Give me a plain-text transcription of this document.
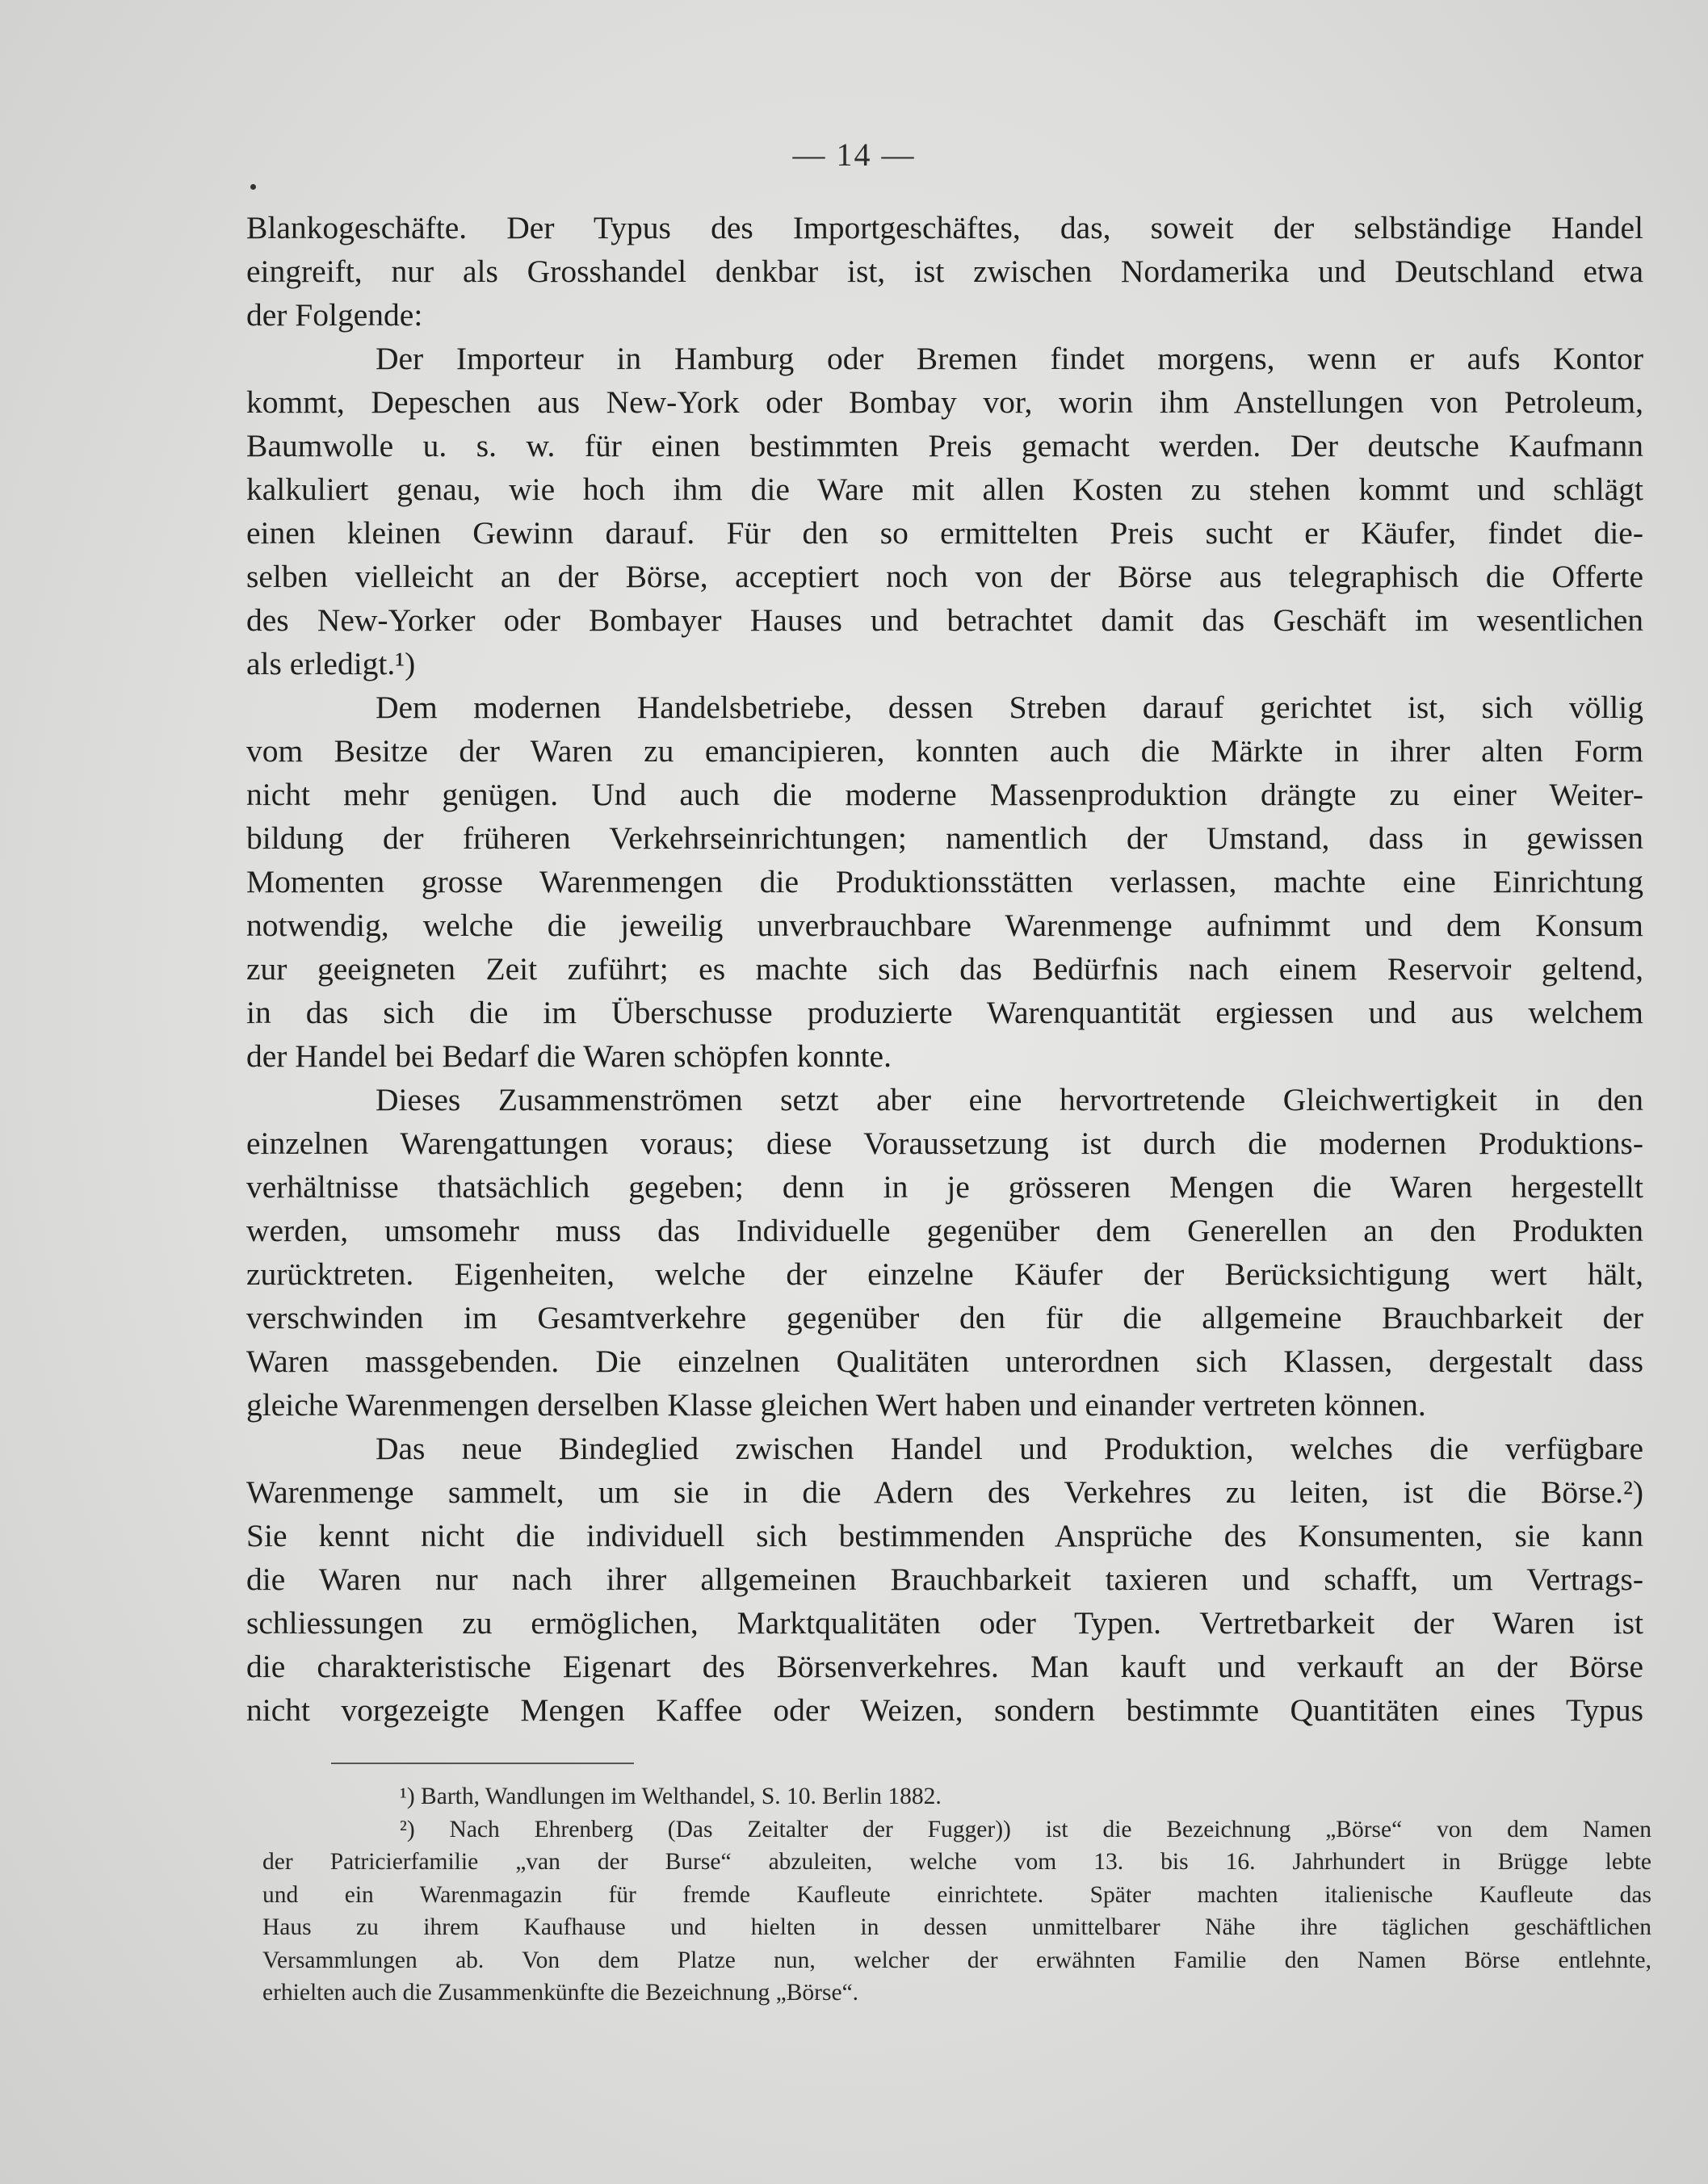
— 14 —
Blankogeschäfte. Der Typus des Importgeschäftes, das, soweit der selbständige Handel
eingreift, nur als Grosshandel denkbar ist, ist zwischen Nordamerika und Deutschland etwa
der Folgende:
Der Importeur in Hamburg oder Bremen findet morgens, wenn er aufs Kontor
kommt, Depeschen aus New-York oder Bombay vor, worin ihm Anstellungen von Petroleum,
Baumwolle u. s. w. für einen bestimmten Preis gemacht werden. Der deutsche Kaufmann
kalkuliert genau, wie hoch ihm die Ware mit allen Kosten zu stehen kommt und schlägt
einen kleinen Gewinn darauf. Für den so ermittelten Preis sucht er Käufer, findet die-
selben vielleicht an der Börse, acceptiert noch von der Börse aus telegraphisch die Offerte
des New-Yorker oder Bombayer Hauses und betrachtet damit das Geschäft im wesentlichen
als erledigt.¹)
Dem modernen Handelsbetriebe, dessen Streben darauf gerichtet ist, sich völlig
vom Besitze der Waren zu emancipieren, konnten auch die Märkte in ihrer alten Form
nicht mehr genügen. Und auch die moderne Massenproduktion drängte zu einer Weiter-
bildung der früheren Verkehrseinrichtungen; namentlich der Umstand, dass in gewissen
Momenten grosse Warenmengen die Produktionsstätten verlassen, machte eine Einrichtung
notwendig, welche die jeweilig unverbrauchbare Warenmenge aufnimmt und dem Konsum
zur geeigneten Zeit zuführt; es machte sich das Bedürfnis nach einem Reservoir geltend,
in das sich die im Überschusse produzierte Warenquantität ergiessen und aus welchem
der Handel bei Bedarf die Waren schöpfen konnte.
Dieses Zusammenströmen setzt aber eine hervortretende Gleichwertigkeit in den
einzelnen Warengattungen voraus; diese Voraussetzung ist durch die modernen Produktions-
verhältnisse thatsächlich gegeben; denn in je grösseren Mengen die Waren hergestellt
werden, umsomehr muss das Individuelle gegenüber dem Generellen an den Produkten
zurücktreten. Eigenheiten, welche der einzelne Käufer der Berücksichtigung wert hält,
verschwinden im Gesamtverkehre gegenüber den für die allgemeine Brauchbarkeit der
Waren massgebenden. Die einzelnen Qualitäten unterordnen sich Klassen, dergestalt dass
gleiche Warenmengen derselben Klasse gleichen Wert haben und einander vertreten können.
Das neue Bindeglied zwischen Handel und Produktion, welches die verfügbare
Warenmenge sammelt, um sie in die Adern des Verkehres zu leiten, ist die Börse.²)
Sie kennt nicht die individuell sich bestimmenden Ansprüche des Konsumenten, sie kann
die Waren nur nach ihrer allgemeinen Brauchbarkeit taxieren und schafft, um Vertrags-
schliessungen zu ermöglichen, Marktqualitäten oder Typen. Vertretbarkeit der Waren ist
die charakteristische Eigenart des Börsenverkehres. Man kauft und verkauft an der Börse
nicht vorgezeigte Mengen Kaffee oder Weizen, sondern bestimmte Quantitäten eines Typus
¹) Barth, Wandlungen im Welthandel, S. 10. Berlin 1882.
²) Nach Ehrenberg (Das Zeitalter der Fugger)) ist die Bezeichnung „Börse“ von dem Namen
der Patricierfamilie „van der Burse“ abzuleiten, welche vom 13. bis 16. Jahrhundert in Brügge lebte
und ein Warenmagazin für fremde Kaufleute einrichtete. Später machten italienische Kaufleute das
Haus zu ihrem Kaufhause und hielten in dessen unmittelbarer Nähe ihre täglichen geschäftlichen
Versammlungen ab. Von dem Platze nun, welcher der erwähnten Familie den Namen Börse entlehnte,
erhielten auch die Zusammenkünfte die Bezeichnung „Börse“.
